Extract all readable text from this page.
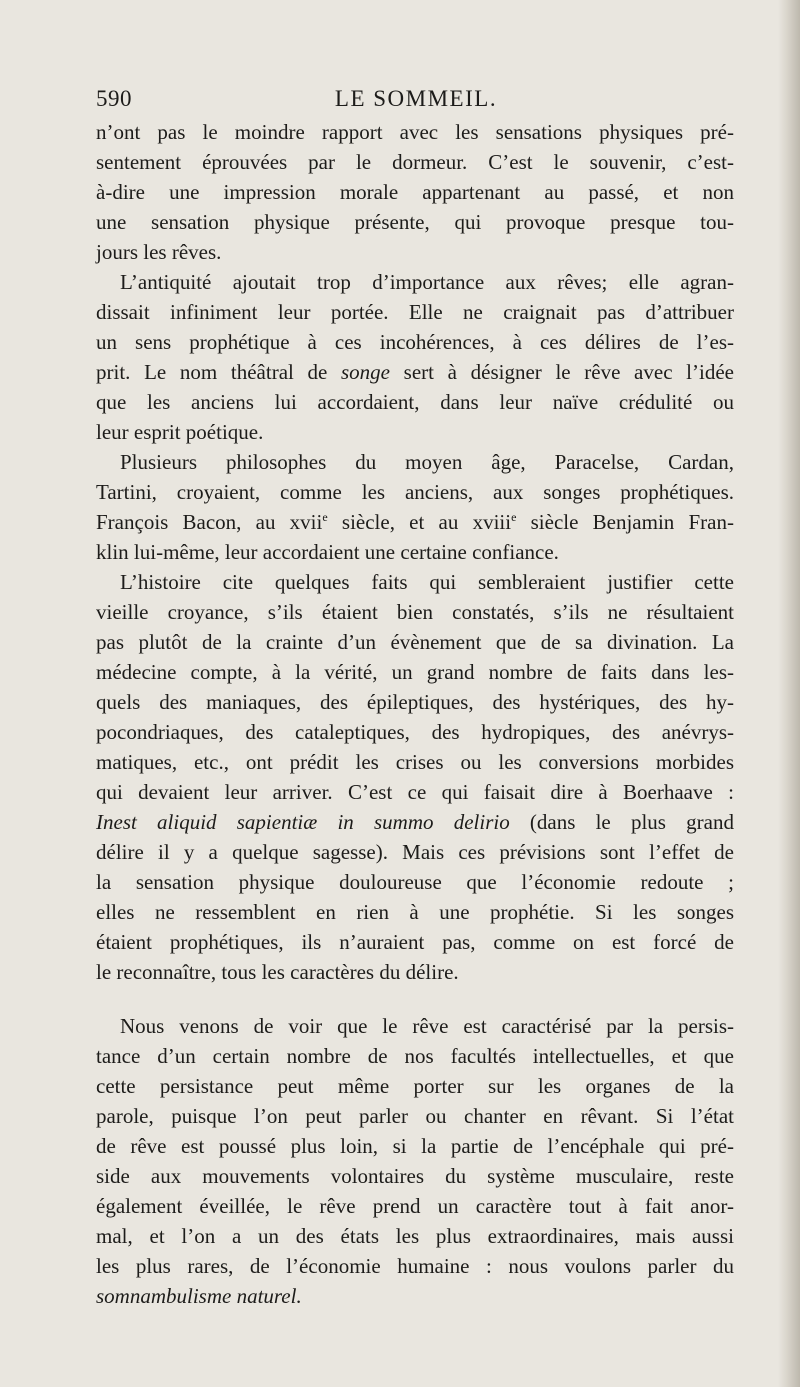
590	LE SOMMEIL.
n’ont pas le moindre rapport avec les sensations physiques pré-
sentement éprouvées par le dormeur. C’est le souvenir, c’est-
à-dire une impression morale appartenant au passé, et non
une sensation physique présente, qui provoque presque tou-
jours les rêves.
L’antiquité ajoutait trop d’importance aux rêves; elle agran-
dissait infiniment leur portée. Elle ne craignait pas d’attribuer
un sens prophétique à ces incohérences, à ces délires de l’es-
prit. Le nom théâtral de songe sert à désigner le rêve avec l’idée
que les anciens lui accordaient, dans leur naïve crédulité ou
leur esprit poétique.
Plusieurs philosophes du moyen âge, Paracelse, Cardan,
Tartini, croyaient, comme les anciens, aux songes prophétiques.
François Bacon, au xvii$^e$ siècle, et au xviii$^e$ siècle Benjamin Fran-
klin lui-même, leur accordaient une certaine confiance.
L’histoire cite quelques faits qui sembleraient justifier cette
vieille croyance, s’ils étaient bien constatés, s’ils ne résultaient
pas plutôt de la crainte d’un évènement que de sa divination. La
médecine compte, à la vérité, un grand nombre de faits dans les-
quels des maniaques, des épileptiques, des hystériques, des hy-
pocondriaques, des cataleptiques, des hydropiques, des anévrys-
matiques, etc., ont prédit les crises ou les conversions morbides
qui devaient leur arriver. C’est ce qui faisait dire à Boerhaave :
Inest aliquid sapientiæ in summo delirio (dans le plus grand
délire il y a quelque sagesse). Mais ces prévisions sont l’effet de
la sensation physique douloureuse que l’économie redoute ;
elles ne ressemblent en rien à une prophétie. Si les songes
étaient prophétiques, ils n’auraient pas, comme on est forcé de
le reconnaître, tous les caractères du délire.
Nous venons de voir que le rêve est caractérisé par la persis-
tance d’un certain nombre de nos facultés intellectuelles, et que
cette persistance peut même porter sur les organes de la
parole, puisque l’on peut parler ou chanter en rêvant. Si l’état
de rêve est poussé plus loin, si la partie de l’encéphale qui pré-
side aux mouvements volontaires du système musculaire, reste
également éveillée, le rêve prend un caractère tout à fait anor-
mal, et l’on a un des états les plus extraordinaires, mais aussi
les plus rares, de l’économie humaine : nous voulons parler du
somnambulisme naturel.
